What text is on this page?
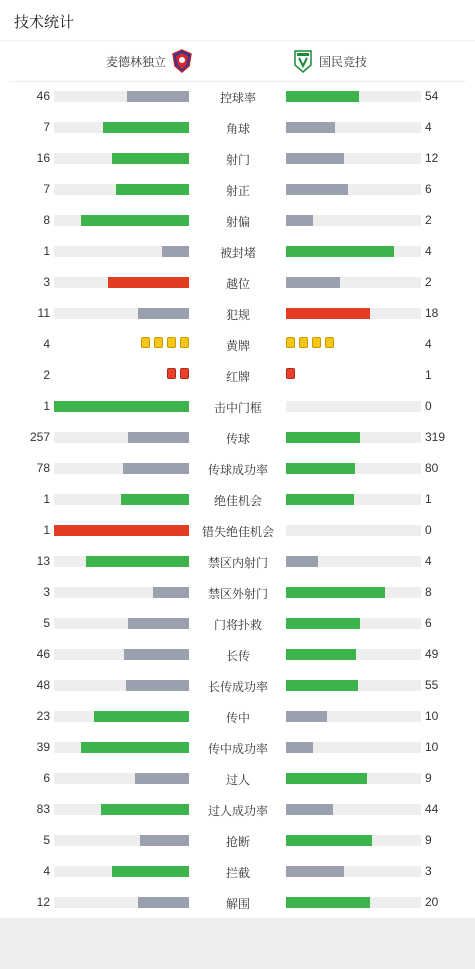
技术统计
麦德林独立	国民竞技
46	控球率	54
7	角球	4
16	射门	12
7	射正	6
8	射偏	2
1	被封堵	4
3	越位	2
11	犯规	18
4	黄牌	4
2	红牌	1
1	击中门框	0
257	传球	319
78	传球成功率	80
1	绝佳机会	1
1	错失绝佳机会	0
13	禁区内射门	4
3	禁区外射门	8
5	门将扑救	6
46	长传	49
48	长传成功率	55
23	传中	10
39	传中成功率	10
6	过人	9
83	过人成功率	44
5	抢断	9
4	拦截	3
12	解围	20
